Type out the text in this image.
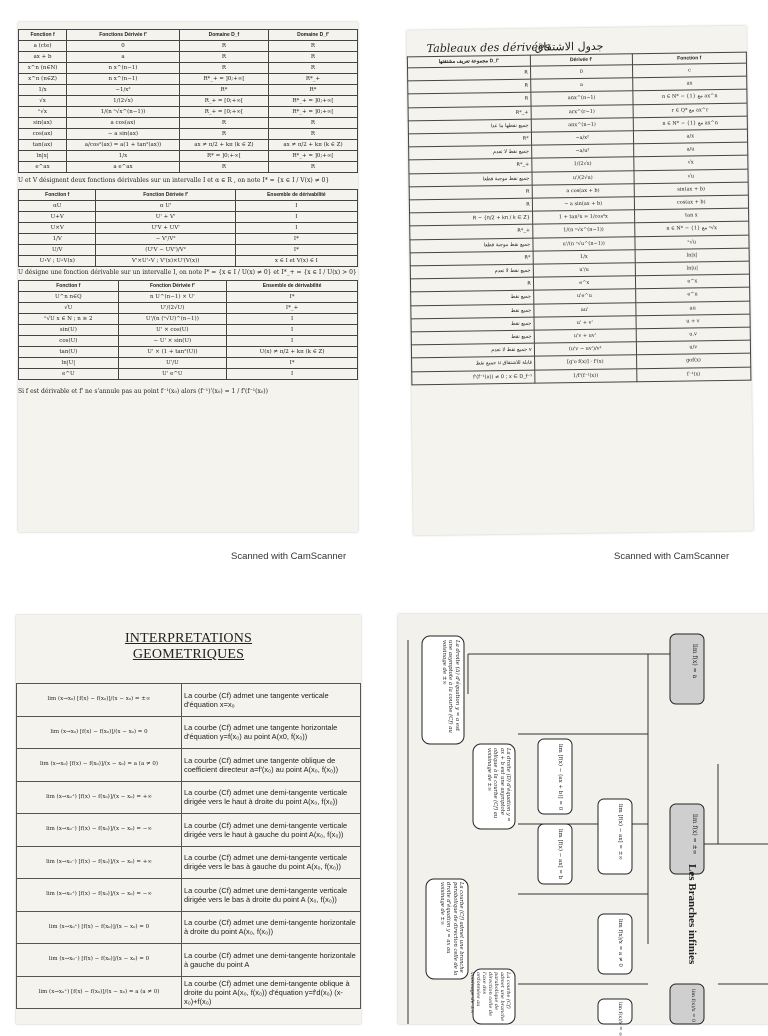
Fonction f	Fonctions Dérivée f'	Domaine D_f	Domaine D_f'
a (cte)	0	R	R
ax + b	a	R	R
x^n (n∈N)	n x^(n−1)	R	R
x^n (n∈Z)	n x^(n−1)	R*_+ = ]0;+∞[	R*_+
1/x	−1/x²	R*	R*
√x	1/(2√x)	R_+ = [0;+∞[	R*_+ = ]0;+∞[
ⁿ√x	1/(n ⁿ√x^(n−1))	R_+ = [0;+∞[	R*_+ = ]0;+∞[
sin(ax)	a cos(ax)	R	R
cos(ax)	− a sin(ax)	R	R
tan(ax)	a/cos²(ax) = a(1 + tan²(ax))	ax ≠ π/2 + kπ (k ∈ Z)	ax ≠ π/2 + kπ (k ∈ Z)
ln|x|	1/x	R* = ]0;+∞[	R*_+ = ]0;+∞[
e^ax	a e^ax	R	R
U et V désignent deux fonctions dérivables sur un intervalle I et α ∈ R , on note I* = {x ∈ I / V(x) ≠ 0}
Fonction f	Fonction Dérivée f'	Ensemble de dérivabilité
αU	α U'	I
U+V	U' + V'	I
U×V	U'V + UV'	I
1/V	− V'/V²	I*
U/V	(U'V − UV')/V²	I*
U∘V ; U∘V(x)	V'×U'∘V ; V'(x)×U'(V(x))	x ∈ I et V(x) ∈ I
U désigne une fonction dérivable sur un intervalle I, on note I* = {x ∈ I / U(x) ≠ 0} et I*_+ = {x ∈ I / U(x) > 0}
Fonction f	Fonction Dérivée f'	Ensemble de dérivabilité
U^n n∈Q	n U^(n−1) × U'	I*
√U	U'/(2√U)	I*_+
ⁿ√U x ∈ N ; n ≥ 2	U'/(n (ⁿ√U)^(n−1))	I
sin(U)	U' × cos(U)	I
cos(U)	− U' × sin(U)	I
tan(U)	U' × (1 + tan²(U))	U(x) ≠ π/2 + kπ (k ∈ Z)
ln|U|	U'/U	I*
e^U	U' e^U	I
Si f est dérivable et f' ne s'annule pas au point f⁻¹(x₀) alors (f⁻¹)'(x₀) = 1 / f'(f⁻¹(x₀))
Scanned with CamScanner
Tableaux des dérivées
جدول الاشتقاق
مجموعة تعريف مشتقتها D_f'	Dérivée f'	Fonction f
R	0	c
R	a	ax
R	anx^(n−1)	n ∈ N* − {1} مع ax^n
R*_+	arx^(r−1)	r ∈ Q* مع ax^r
جميع نقطها ما عدا	anx^(n−1)	n ∈ N* − {1} مع ax^n
R*	−a/x²	a/x
جميع نقط لا تعدم	−a/u²	a/u
R*_+	1/(2√x)	√x
جميع نقط موجبة قطعا	u'/(2√u)	√u
R	a cos(ax + b)	sin(ax + b)
R	− a sin(ax + b)	cos(ax + b)
R − {π/2 + kπ / k ∈ Z}	1 + tan²x = 1/cos²x	tan x
R*_+	1/(n ⁿ√x^(n−1))	n ∈ N* − {1} مع ⁿ√x
جميع نقط موجبة قطعا	u'/(n ⁿ√u^(n−1))	ⁿ√u
R*	1/x	ln|x|
جميع نقط لا تعدم	u'/u	ln|u|
R	e^x	e^x
جميع نقط	u'e^u	e^u
جميع نقط	au'	au
جميع نقط	u' + v'	u + v
جميع نقط	u'v + uv'	u.v
جميع نقط لا تعدم v	(u'v − uv')/v²	u/v
جميع نقط u قابلة للاشتقاق	[g'o f(x)] · f'(x)	gof(x)
f'(f⁻¹(x)) ≠ 0 ; x ∈ D_f⁻¹	1/f'(f⁻¹(x))	f⁻¹(x)
Scanned with CamScanner
INTERPRETATIONS
GEOMETRIQUES
lim (x→x₀) [f(x) − f(x₀)]/(x − x₀) = ±∞	La courbe (Cf) admet une tangente verticale d'équation x=x₀
lim (x→x₀) [f(x) − f(x₀)]/(x − x₀) = 0	La courbe (Cf) admet une tangente horizontale d'équation y=f(x₀) au point A(x0, f(x₀))
lim (x→x₀) [f(x) − f(x₀)]/(x − x₀) = a (a ≠ 0)	La courbe (Cf) admet une tangente oblique de coefficient directeur a=f'(x₀) au point A(x₀, f(x₀))
lim (x→x₀⁺) [f(x) − f(x₀)]/(x − x₀) = +∞	La courbe (Cf) admet une demi-tangente verticale dirigée vers le haut à droite du point A(x₀, f(x₀))
lim (x→x₀⁻) [f(x) − f(x₀)]/(x − x₀) = −∞	La courbe (Cf) admet une demi-tangente verticale dirigée vers le haut à gauche du point A(x₀, f(x₀))
lim (x→x₀⁻) [f(x) − f(x₀)]/(x − x₀) = +∞	La courbe (Cf) admet une demi-tangente verticale dirigée vers le bas à gauche du point A(x₀, f(x₀))
lim (x→x₀⁺) [f(x) − f(x₀)]/(x − x₀) = −∞	La courbe (Cf) admet une demi-tangente verticale dirigée vers le bas à droite du point A (x₀, f(x₀))
lim (x→x₀⁺) [f(x) − f(x₀)]/(x − x₀) = 0	La courbe (Cf) admet une demi-tangente horizontale à droite du point A(x₀, f(x₀))
lim (x→x₀⁻) [f(x) − f(x₀)]/(x − x₀) = 0	La courbe (Cf) admet une demi-tangente horizontale à gauche du point A
lim (x→x₀⁺) [f(x) − f(x₀)]/(x − x₀) = a (a ≠ 0)	La courbe (Cf) admet une demi-tangente oblique à droite du point A(x₀, f(x₀)) d'équation y=f'd(x₀) (x-x₀)+f(x₀)
Les Branches infinies
lim f(x) = a
lim f(x) = ±∞
lim [f(x) − (ax + b)] = 0
lim [f(x) − ax] = b	lim [f(x) − ax] = ±∞
lim f(x)/x = a ≠ 0
lim f(x)/x = ∞	lim f(x)/x = 0
La droite (Δ) d'équation y = a est une asymptote à la courbe (Cf) au voisinage de ±∞
La droite (D) d'équation y = ax + b est une asymptote oblique à la courbe (Cf) au voisinage de ±∞
La courbe (Cf) admet une branche parabolique de direction celle de la droite d'équation y = ax au voisinage de ±∞
La courbe (Cf) admet une branche parabolique de direction celle de l'axe des ordonnées au voisinage de ±∞
